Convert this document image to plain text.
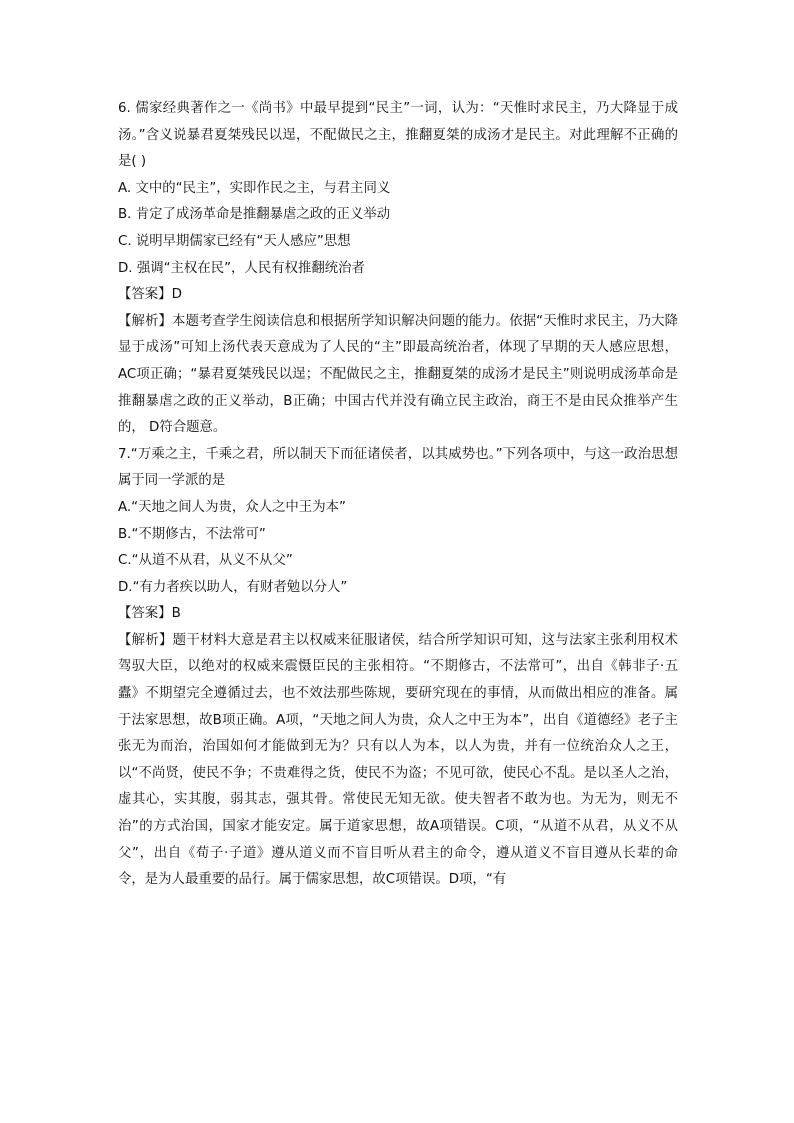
6. 儒家经典著作之一《尚书》中最早提到“民主”一词，认为：“天惟时求民主，乃大降显于成汤。”含义说暴君夏桀残民以逞，不配做民之主，推翻夏桀的成汤才是民主。对此理解不正确的是( )

A. 文中的“民主”，实即作民之主，与君主同义

B. 肯定了成汤革命是推翻暴虐之政的正义举动

C. 说明早期儒家已经有“天人感应”思想

D. 强调“主权在民”，人民有权推翻统治者

【答案】D

【解析】本题考查学生阅读信息和根据所学知识解决问题的能力。依据“天惟时求民主，乃大降显于成汤”可知上汤代表天意成为了人民的“主”即最高统治者，体现了早期的天人感应思想，AC项正确；“暴君夏桀残民以逞；不配做民之主，推翻夏桀的成汤才是民主”则说明成汤革命是推翻暴虐之政的正义举动，B正确；中国古代并没有确立民主政治，商王不是由民众推举产生的， D符合题意。

7.“万乘之主，千乘之君，所以制天下而征诸侯者，以其威势也。”下列各项中，与这一政治思想属于同一学派的是

A.“天地之间人为贵，众人之中王为本”

B.“不期修古，不法常可”

C.“从道不从君，从义不从父”

D.“有力者疾以助人，有财者勉以分人”

【答案】B

【解析】题干材料大意是君主以权威来征服诸侯，结合所学知识可知，这与法家主张利用权术驾驭大臣，以绝对的权威来震慑臣民的主张相符。“不期修古，不法常可”，出自《韩非子·五蠹》不期望完全遵循过去，也不效法那些陈规，要研究现在的事情，从而做出相应的准备。属于法家思想，故B项正确。A项，“天地之间人为贵，众人之中王为本”，出自《道德经》老子主张无为而治，治国如何才能做到无为？只有以人为本，以人为贵，并有一位统治众人之王，以“不尚贤，使民不争；不贵难得之货，使民不为盗；不见可欲，使民心不乱。是以圣人之治，虚其心，实其腹，弱其志，强其骨。常使民无知无欲。使夫智者不敢为也。为无为，则无不治”的方式治国，国家才能安定。属于道家思想，故A项错误。C项，“从道不从君，从义不从父”，出自《荀子·子道》遵从道义而不盲目听从君主的命令，遵从道义不盲目遵从长辈的命令，是为人最重要的品行。属于儒家思想，故C项错误。D项，“有
